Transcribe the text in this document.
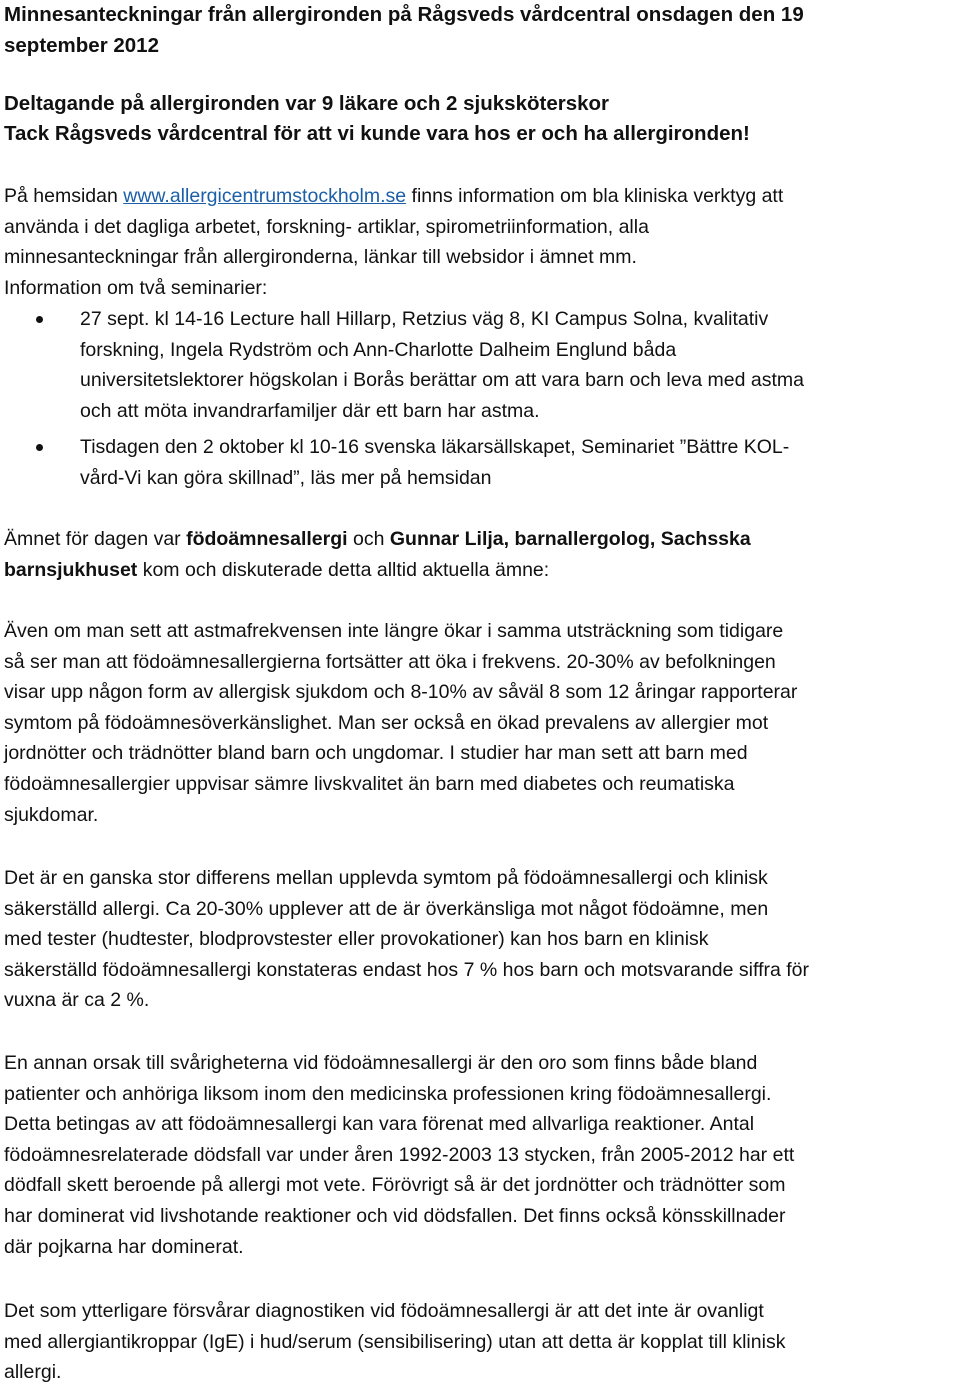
Minnesanteckningar från allergironden på Rågsveds vårdcentral onsdagen den 19
september 2012
Deltagande på allergironden var 9 läkare och 2 sjuksköterskor
Tack Rågsveds vårdcentral för att vi kunde vara hos er och ha allergironden!
På hemsidan www.allergicentrumstockholm.se finns information om bla kliniska verktyg att
använda i det dagliga arbetet, forskning- artiklar, spirometriinformation, alla
minnesanteckningar från allergironderna, länkar till websidor i ämnet mm.
Information om två seminarier:
27 sept. kl 14-16 Lecture hall Hillarp, Retzius väg 8, KI Campus Solna, kvalitativ
forskning, Ingela Rydström och Ann-Charlotte Dalheim Englund båda
universitetslektorer högskolan i Borås berättar om att vara barn och leva med astma
och att möta invandrarfamiljer där ett barn har astma.
Tisdagen den 2 oktober kl 10-16 svenska läkarsällskapet, Seminariet ”Bättre KOL-
vård-Vi kan göra skillnad”, läs mer på hemsidan
Ämnet för dagen var födoämnesallergi och Gunnar Lilja, barnallergolog, Sachsska
barnsjukhuset kom och diskuterade detta alltid aktuella ämne:
Även om man sett att astmafrekvensen inte längre ökar i samma utsträckning som tidigare
så ser man att födoämnesallergierna fortsätter att öka i frekvens. 20-30% av befolkningen
visar upp någon form av allergisk sjukdom och 8-10% av såväl 8 som 12 åringar rapporterar
symtom på födoämnesöverkänslighet. Man ser också en ökad prevalens av allergier mot
jordnötter och trädnötter bland barn och ungdomar. I studier har man sett att barn med
födoämnesallergier uppvisar sämre livskvalitet än barn med diabetes och reumatiska
sjukdomar.
Det är en ganska stor differens mellan upplevda symtom på födoämnesallergi och klinisk
säkerställd allergi. Ca 20-30% upplever att de är överkänsliga mot något födoämne, men
med tester (hudtester, blodprovstester eller provokationer) kan hos barn en klinisk
säkerställd födoämnesallergi konstateras endast hos 7 % hos barn och motsvarande siffra för
vuxna är ca 2 %.
En annan orsak till svårigheterna vid födoämnesallergi är den oro som finns både bland
patienter och anhöriga liksom inom den medicinska professionen kring födoämnesallergi.
Detta betingas av att födoämnesallergi kan vara förenat med allvarliga reaktioner. Antal
födoämnesrelaterade dödsfall var under åren 1992-2003 13 stycken, från 2005-2012 har ett
dödfall skett beroende på allergi mot vete. Förövrigt så är det jordnötter och trädnötter som
har dominerat vid livshotande reaktioner och vid dödsfallen. Det finns också könsskillnader
där pojkarna har dominerat.
Det som ytterligare försvårar diagnostiken vid födoämnesallergi är att det inte är ovanligt
med allergiantikroppar (IgE) i hud/serum (sensibilisering) utan att detta är kopplat till klinisk
allergi.
